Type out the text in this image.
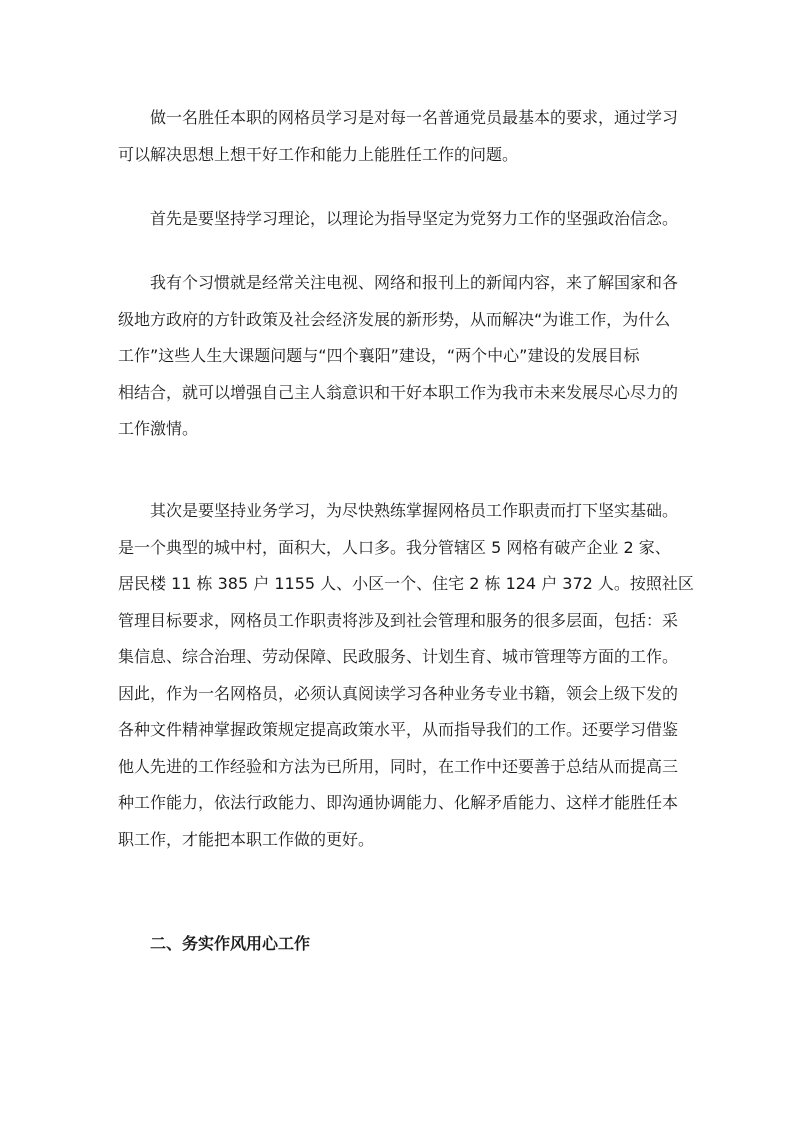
做一名胜任本职的网格员学习是对每一名普通党员最基本的要求，通过学习
可以解决思想上想干好工作和能力上能胜任工作的问题。
首先是要坚持学习理论，以理论为指导坚定为党努力工作的坚强政治信念。
我有个习惯就是经常关注电视、网络和报刊上的新闻内容，来了解国家和各
级地方政府的方针政策及社会经济发展的新形势，从而解决“为谁工作，为什么
工作”这些人生大课题问题与“四个襄阳”建设，“两个中心”建设的发展目标
相结合，就可以增强自己主人翁意识和干好本职工作为我市未来发展尽心尽力的
工作激情。
其次是要坚持业务学习，为尽快熟练掌握网格员工作职责而打下坚实基础。
是一个典型的城中村，面积大，人口多。我分管辖区 5 网格有破产企业 2 家、
居民楼 11 栋 385 户 1155 人、小区一个、住宅 2 栋 124 户 372 人。按照社区
管理目标要求，网格员工作职责将涉及到社会管理和服务的很多层面，包括：采
集信息、综合治理、劳动保障、民政服务、计划生育、城市管理等方面的工作。
因此，作为一名网格员，必须认真阅读学习各种业务专业书籍，领会上级下发的
各种文件精神掌握政策规定提高政策水平，从而指导我们的工作。还要学习借鉴
他人先进的工作经验和方法为已所用，同时，在工作中还要善于总结从而提高三
种工作能力，依法行政能力、即沟通协调能力、化解矛盾能力、这样才能胜任本
职工作，才能把本职工作做的更好。
二、务实作风用心工作
